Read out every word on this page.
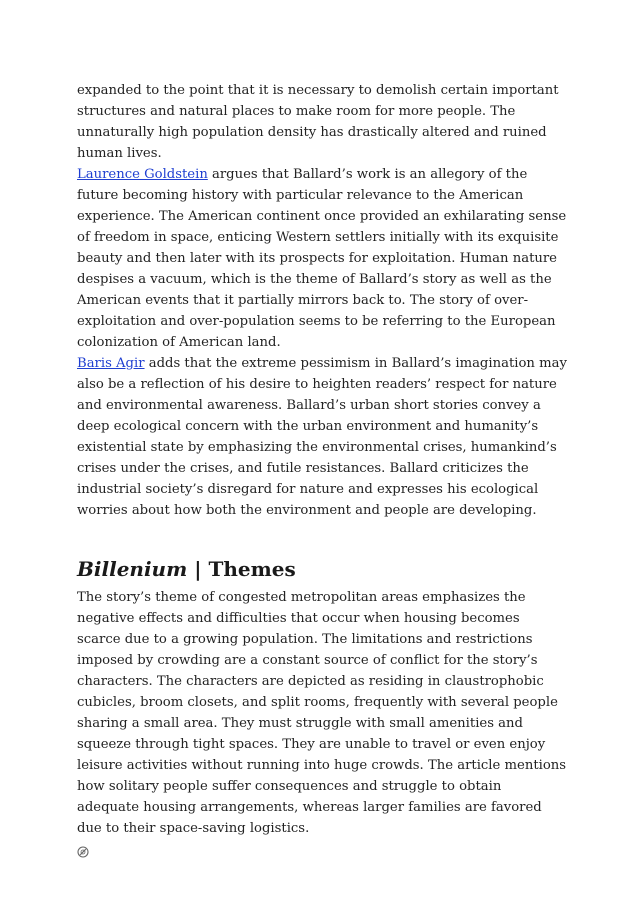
expanded to the point that it is necessary to demolish certain important structures and natural places to make room for more people. The unnaturally high population density has drastically altered and ruined human lives.

Laurence Goldstein argues that Ballard’s work is an allegory of the future becoming history with particular relevance to the American experience. The American continent once provided an exhilarating sense of freedom in space, enticing Western settlers initially with its exquisite beauty and then later with its prospects for exploitation. Human nature despises a vacuum, which is the theme of Ballard’s story as well as the American events that it partially mirrors back to. The story of over-exploitation and over-population seems to be referring to the European colonization of American land.

Baris Agir adds that the extreme pessimism in Ballard’s imagination may also be a reflection of his desire to heighten readers’ respect for nature and environmental awareness. Ballard’s urban short stories convey a deep ecological concern with the urban environment and humanity’s existential state by emphasizing the environmental crises, humankind’s crises under the crises, and futile resistances. Ballard criticizes the industrial society’s disregard for nature and expresses his ecological worries about how both the environment and people are developing.

Billenium | Themes

The story’s theme of congested metropolitan areas emphasizes the negative effects and difficulties that occur when housing becomes scarce due to a growing population. The limitations and restrictions imposed by crowding are a constant source of conflict for the story’s characters. The characters are depicted as residing in claustrophobic cubicles, broom closets, and split rooms, frequently with several people sharing a small area. They must struggle with small amenities and squeeze through tight spaces. They are unable to travel or even enjoy leisure activities without running into huge crowds. The article mentions how solitary people suffer consequences and struggle to obtain adequate housing arrangements, whereas larger families are favored due to their space-saving logistics.
